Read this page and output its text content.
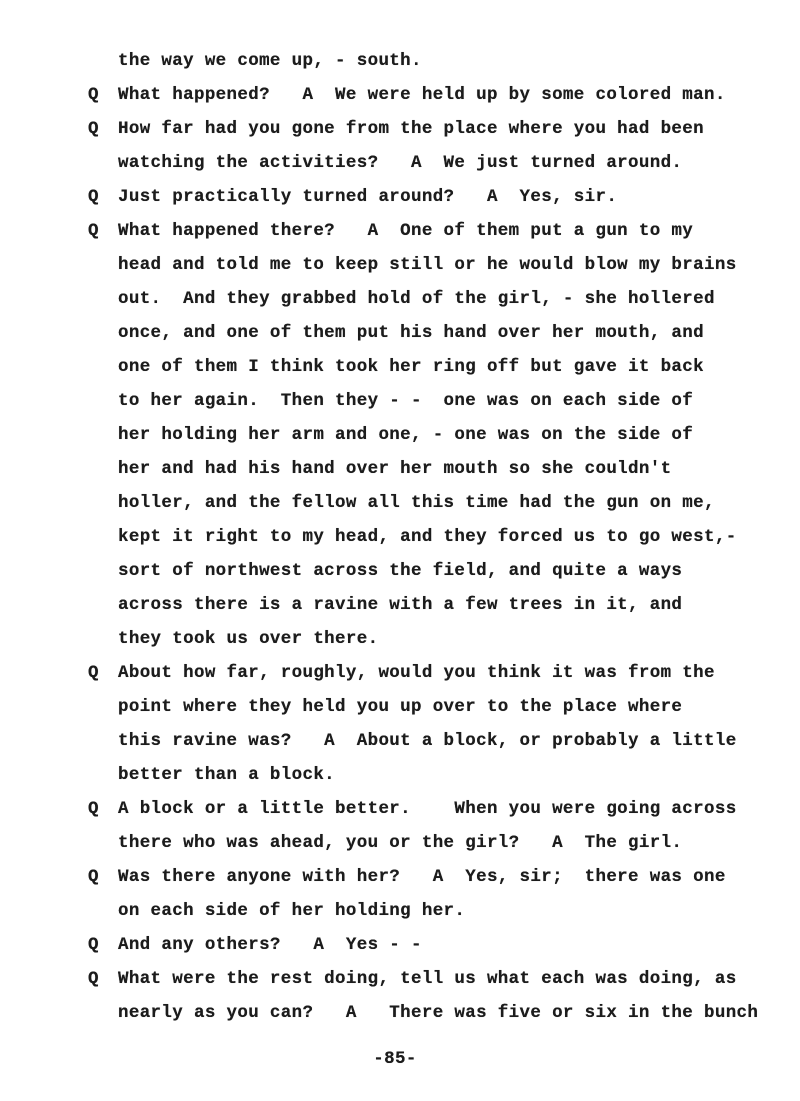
the way we come up, - south.
Q	What happened?   A  We were held up by some colored man.
Q	How far had you gone from the place where you had been
watching the activities?   A  We just turned around.
Q	Just practically turned around?   A  Yes, sir.
Q	What happened there?   A  One of them put a gun to my
head and told me to keep still or he would blow my brains
out.  And they grabbed hold of the girl, - she hollered
once, and one of them put his hand over her mouth, and
one of them I think took her ring off but gave it back
to her again.  Then they - -  one was on each side of
her holding her arm and one, - one was on the side of
her and had his hand over her mouth so she couldn't
holler, and the fellow all this time had the gun on me,
kept it right to my head, and they forced us to go west,-
sort of northwest across the field, and quite a ways
across there is a ravine with a few trees in it, and
they took us over there.
Q	About how far, roughly, would you think it was from the
point where they held you up over to the place where
this ravine was?   A  About a block, or probably a little
better than a block.
Q	A block or a little better.    When you were going across
there who was ahead, you or the girl?   A  The girl.
Q	Was there anyone with her?   A  Yes, sir;  there was one
on each side of her holding her.
Q	And any others?   A  Yes - -
Q	What were the rest doing, tell us what each was doing, as
nearly as you can?   A   There was five or six in the bunch
-85-
